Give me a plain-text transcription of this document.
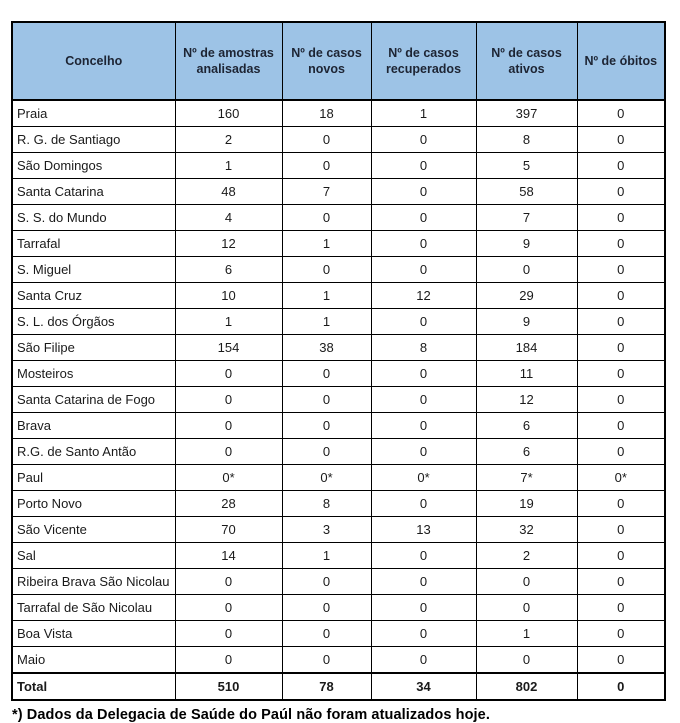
Concelho	Nº de amostras analisadas	Nº de casos novos	Nº de casos recuperados	Nº de casos ativos	Nº de óbitos
Praia	160	18	1	397	0
R. G. de Santiago	2	0	0	8	0
São Domingos	1	0	0	5	0
Santa Catarina	48	7	0	58	0
S. S. do Mundo	4	0	0	7	0
Tarrafal	12	1	0	9	0
S. Miguel	6	0	0	0	0
Santa Cruz	10	1	12	29	0
S. L. dos Órgãos	1	1	0	9	0
São Filipe	154	38	8	184	0
Mosteiros	0	0	0	11	0
Santa Catarina de Fogo	0	0	0	12	0
Brava	0	0	0	6	0
R.G. de Santo Antão	0	0	0	6	0
Paul	0*	0*	0*	7*	0*
Porto Novo	28	8	0	19	0
São Vicente	70	3	13	32	0
Sal	14	1	0	2	0
Ribeira Brava São Nicolau	0	0	0	0	0
Tarrafal de São Nicolau	0	0	0	0	0
Boa Vista	0	0	0	1	0
Maio	0	0	0	0	0
Total	510	78	34	802	0
*) Dados da Delegacia de Saúde do Paúl não foram atualizados hoje.
